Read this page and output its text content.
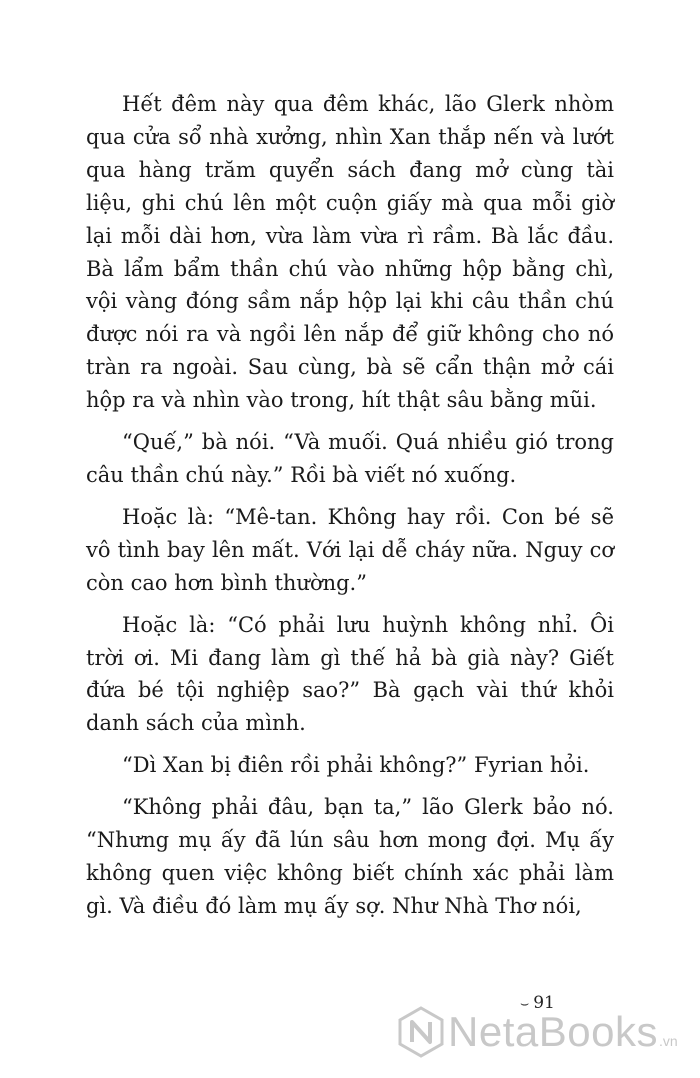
Hết đêm này qua đêm khác, lão Glerk nhòm qua cửa sổ nhà xưởng, nhìn Xan thắp nến và lướt qua hàng trăm quyển sách đang mở cùng tài liệu, ghi chú lên một cuộn giấy mà qua mỗi giờ lại mỗi dài hơn, vừa làm vừa rì rầm. Bà lắc đầu. Bà lẩm bẩm thần chú vào những hộp bằng chì, vội vàng đóng sầm nắp hộp lại khi câu thần chú được nói ra và ngồi lên nắp để giữ không cho nó tràn ra ngoài. Sau cùng, bà sẽ cẩn thận mở cái hộp ra và nhìn vào trong, hít thật sâu bằng mũi.

“Quế,” bà nói. “Và muối. Quá nhiều gió trong câu thần chú này.” Rồi bà viết nó xuống.

Hoặc là: “Mê-tan. Không hay rồi. Con bé sẽ vô tình bay lên mất. Với lại dễ cháy nữa. Nguy cơ còn cao hơn bình thường.”

Hoặc là: “Có phải lưu huỳnh không nhỉ. Ôi trời ơi. Mi đang làm gì thế hả bà già này? Giết đứa bé tội nghiệp sao?” Bà gạch vài thứ khỏi danh sách của mình.

“Dì Xan bị điên rồi phải không?” Fyrian hỏi.

“Không phải đâu, bạn ta,” lão Glerk bảo nó. “Nhưng mụ ấy đã lún sâu hơn mong đợi. Mụ ấy không quen việc không biết chính xác phải làm gì. Và điều đó làm mụ ấy sợ. Như Nhà Thơ nói,

⌣ 91
NetaBooks .vn
